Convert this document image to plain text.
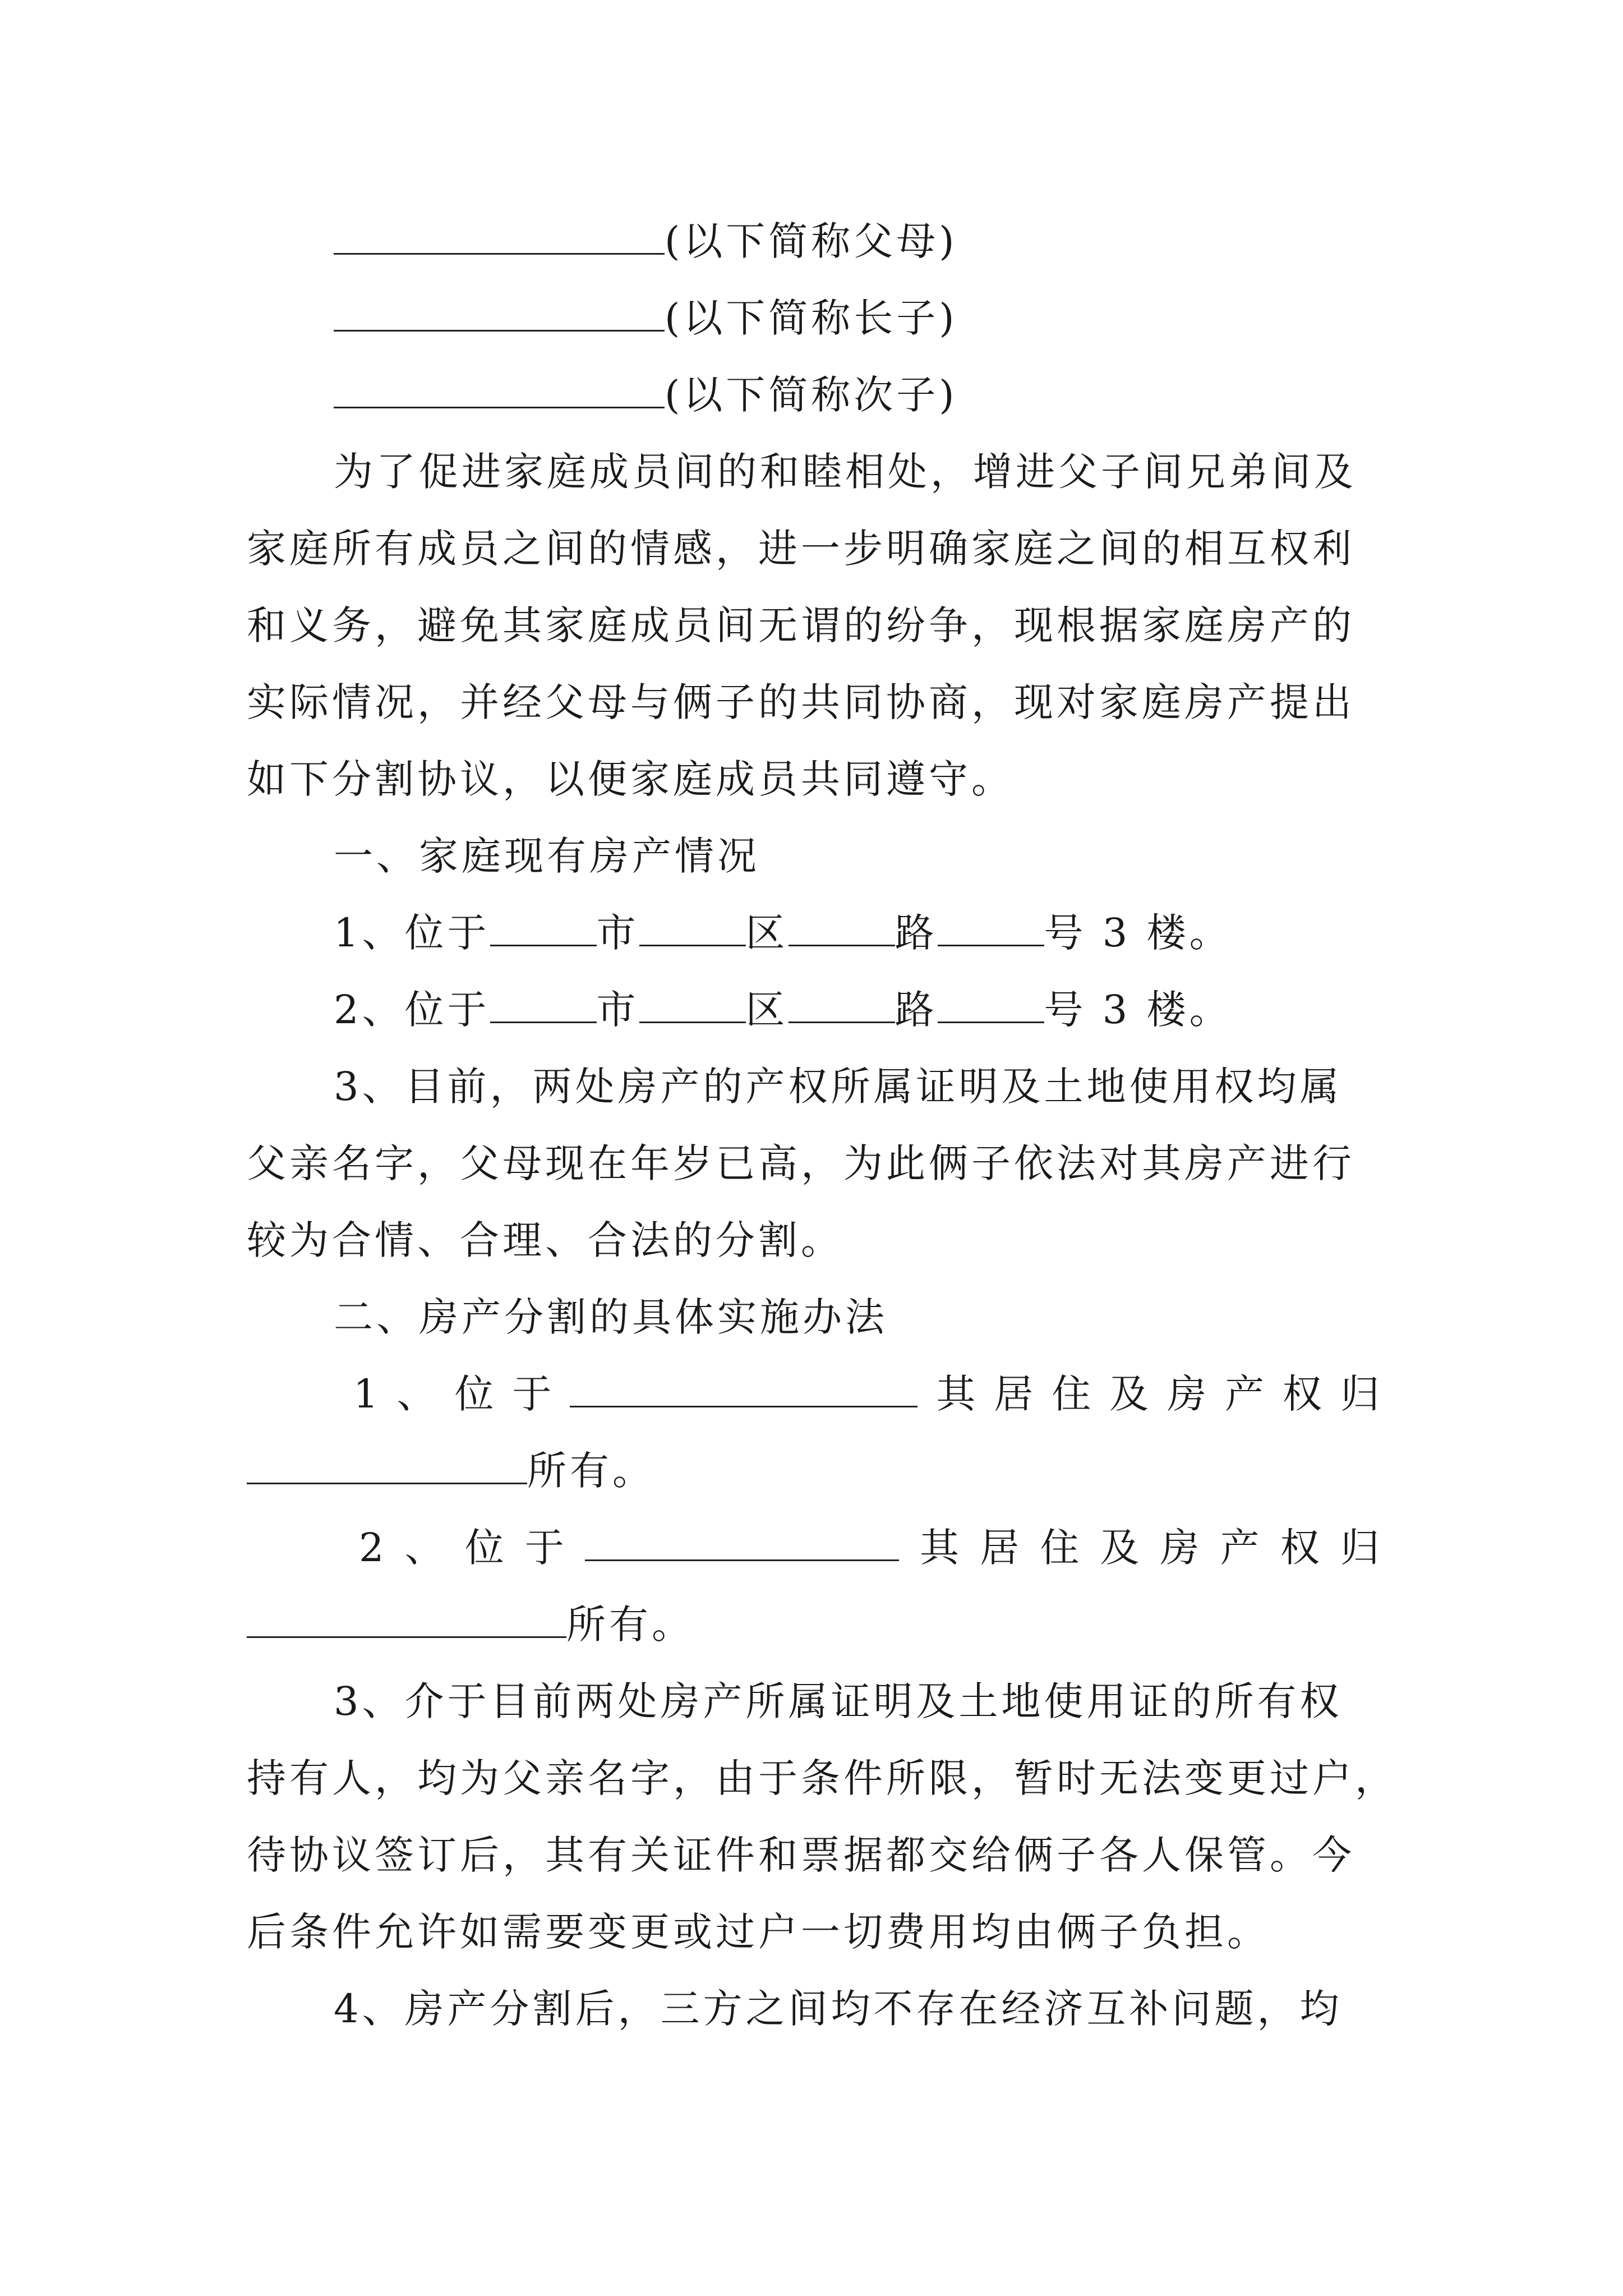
(以下简称父母)
(以下简称长子)
(以下简称次子)
为了促进家庭成员间的和睦相处，增进父子间兄弟间及
家庭所有成员之间的情感，进一步明确家庭之间的相互权利
和义务，避免其家庭成员间无谓的纷争，现根据家庭房产的
实际情况，并经父母与俩子的共同协商，现对家庭房产提出
如下分割协议，以便家庭成员共同遵守。
一、家庭现有房产情况
1、位于	市	区	路	号 3 楼。
2、位于	市	区	路	号 3 楼。
3、目前，两处房产的产权所属证明及土地使用权均属
父亲名字，父母现在年岁已高，为此俩子依法对其房产进行
较为合情、合理、合法的分割。
二、房产分割的具体实施办法
1 、 位 于	其 居 住 及 房 产 权 归
所有。
2 、 位 于	其 居 住 及 房 产 权 归
所有。
3、介于目前两处房产所属证明及土地使用证的所有权
持有人，均为父亲名字，由于条件所限，暂时无法变更过户，
待协议签订后，其有关证件和票据都交给俩子各人保管。今
后条件允许如需要变更或过户一切费用均由俩子负担。
4、房产分割后，三方之间均不存在经济互补问题，均
